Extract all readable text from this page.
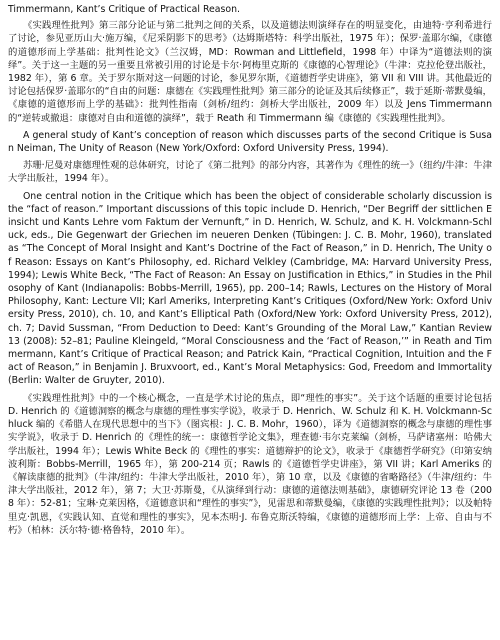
Timmermann, Kant’s Critique of Practical Reason.

《实践理性批判》第三部分论证与第二批判之间的关系，以及道德法则演绎存在的明显变化，由迪特·亨利希进行了讨论，参见亚历山大·施万编，《尼采阴影下的思考》（达姆斯塔特：科学出版社，1975 年）；保罗·盖耶尔编，《康德的道德形而上学基础：批判性论文》（兰汉姆，MD：Rowman and Littlefield，1998 年）中译为“道德法则的演绎”。关于这一主题的另一重要且常被引用的讨论是卡尔·阿梅里克斯的《康德的心智理论》（牛津：克拉伦登出版社，1982 年），第 6 章。关于罗尔斯对这一问题的讨论，参见罗尔斯，《道德哲学史讲座》，第 VII 和 VIII 讲。其他最近的讨论包括保罗·盖耶尔的“自由的问题：康德在《实践理性批判》第三部分的论证及其后续修正”，载于延斯·蒂默曼编，《康德的道德形而上学的基础》：批判性指南（剑桥/纽约：剑桥大学出版社，2009 年）以及 Jens Timmermann 的“逆转或撤退：康德对自由和道德的演绎”，载于 Reath 和 Timmermann 编《康德的《实践理性批判》。

A general study of Kant’s conception of reason which discusses parts of the second Critique is Susan Neiman, The Unity of Reason (New York/Oxford: Oxford University Press, 1994).

苏珊·尼曼对康德理性观的总体研究，讨论了《第二批判》的部分内容，其著作为《理性的统一》（纽约/牛津：牛津大学出版社，1994 年）。

One central notion in the Critique which has been the object of considerable scholarly discussion is the “fact of reason.” Important discussions of this topic include D. Henrich, “Der Begriff der sittlichen Einsicht und Kants Lehre vom Faktum der Vernunft,” in D. Henrich, W. Schulz, and K. H. Volckmann-Schluck, eds., Die Gegenwart der Griechen im neueren Denken (Tübingen: J. C. B. Mohr, 1960), translated as “The Concept of Moral Insight and Kant’s Doctrine of the Fact of Reason,” in D. Henrich, The Unity of Reason: Essays on Kant’s Philosophy, ed. Richard Velkley (Cambridge, MA: Harvard University Press, 1994); Lewis White Beck, “The Fact of Reason: An Essay on Justification in Ethics,” in Studies in the Philosophy of Kant (Indianapolis: Bobbs-Merrill, 1965), pp. 200–14; Rawls, Lectures on the History of Moral Philosophy, Kant: Lecture VII; Karl Ameriks, Interpreting Kant’s Critiques (Oxford/New York: Oxford University Press, 2010), ch. 10, and Kant’s Elliptical Path (Oxford/New York: Oxford University Press, 2012), ch. 7; David Sussman, “From Deduction to Deed: Kant’s Grounding of the Moral Law,” Kantian Review 13 (2008): 52–81; Pauline Kleingeld, “Moral Consciousness and the ‘Fact of Reason,’” in Reath and Timmermann, Kant’s Critique of Practical Reason; and Patrick Kain, “Practical Cognition, Intuition and the Fact of Reason,” in Benjamin J. Bruxvoort, ed., Kant’s Moral Metaphysics: God, Freedom and Immortality (Berlin: Walter de Gruyter, 2010).

《实践理性批判》中的一个核心概念，一直是学术讨论的焦点，即“理性的事实”。关于这个话题的重要讨论包括 D. Henrich 的《道德洞察的概念与康德的理性事实学说》，收录于 D. Henrich、W. Schulz 和 K. H. Volckmann-Schluck 编的《希腊人在现代思想中的当下》（图宾根：J. C. B. Mohr，1960），译为《道德洞察的概念与康德的理性事实学说》，收录于 D. Henrich 的《理性的统一：康德哲学论文集》，理查德·韦尔克莱编（剑桥，马萨诸塞州：哈佛大学出版社，1994 年）；Lewis White Beck 的《理性的事实：道德辩护的论文》，收录于《康德哲学研究》（印第安纳波利斯：Bobbs-Merrill，1965 年），第 200-214 页；Rawls 的《道德哲学史讲座》，第 VII 讲；Karl Ameriks 的《解读康德的批判》（牛津/纽约：牛津大学出版社，2010 年），第 10 章，以及《康德的省略路径》（牛津/纽约：牛津大学出版社，2012 年），第 7；大卫·苏斯曼，《从演绎到行动：康德的道德法则基础》，康德研究评论 13 卷（2008 年）：52-81；宝琳·克莱因格，《道德意识和“理性的事实”》，见雷思和蒂默曼编，《康德的实践理性批判》；以及帕特里克·凯恩，《实践认知、直觉和理性的事实》，见本杰明·J. 布鲁克斯沃特编，《康德的道德形而上学：上帝、自由与不朽》（柏林：沃尔特·德·格鲁特，2010 年）。
